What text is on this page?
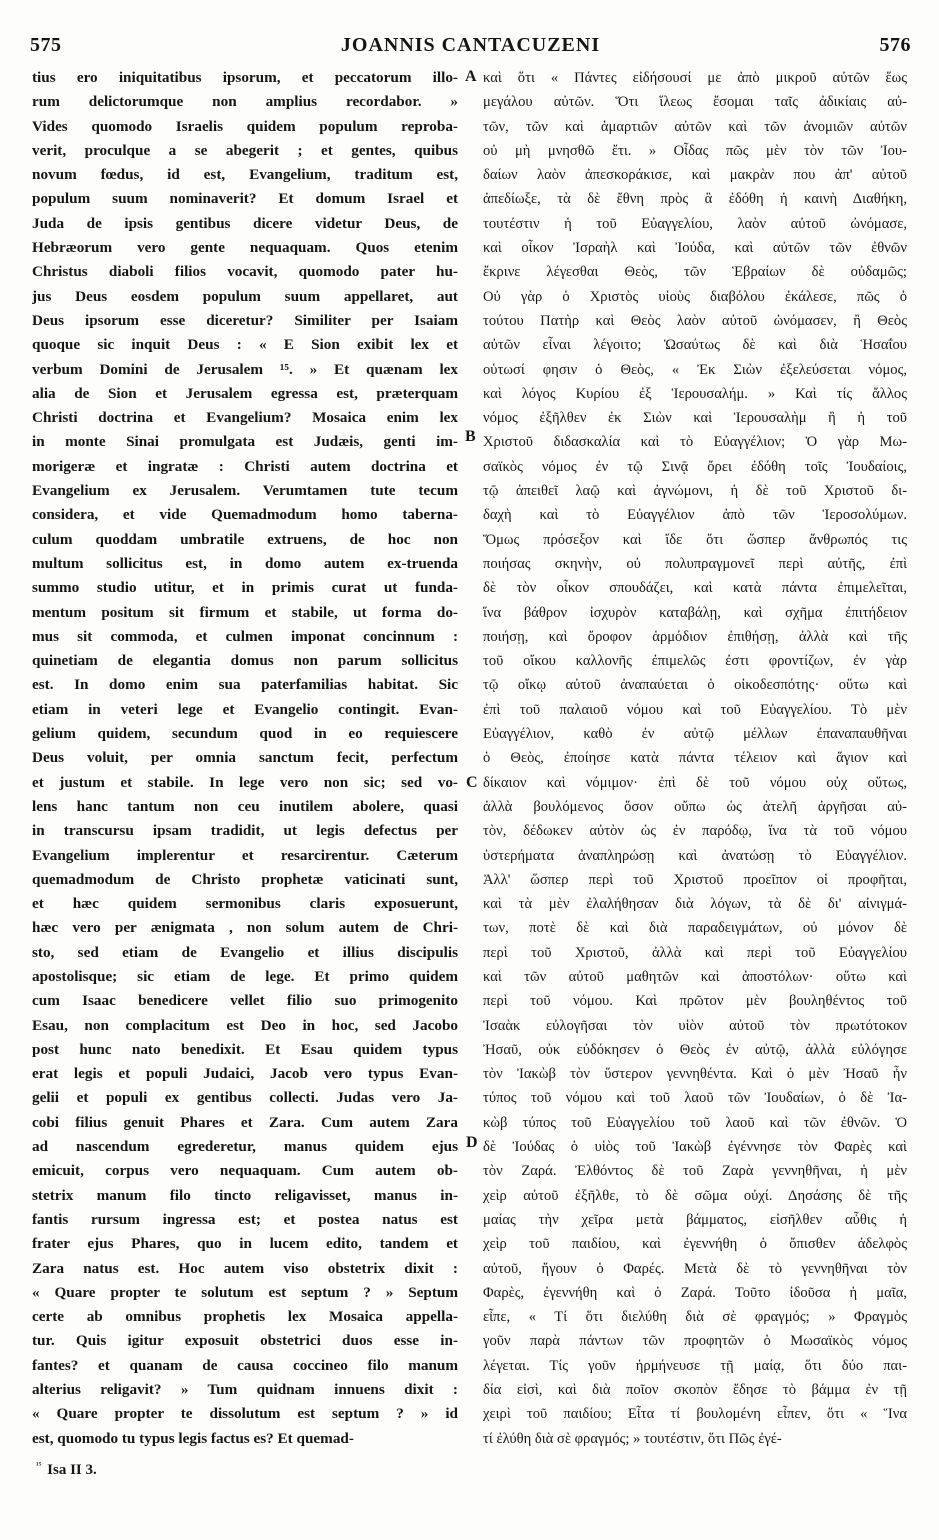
575	JOANNIS CANTACUZENI	576
tius ero iniquitatibus ipsorum, et peccatorum illo-
rum delictorumque non amplius recordabor. »
Vides quomodo Israelis quidem populum reproba-
verit, proculque a se abegerit ; et gentes, quibus
novum fœdus, id est, Evangelium, traditum est,
populum suum nominaverit? Et domum Israel et
Juda de ipsis gentibus dicere videtur Deus, de
Hebræorum vero gente nequaquam. Quos etenim
Christus diaboli filios vocavit, quomodo pater hu-
jus Deus eosdem populum suum appellaret, aut
Deus ipsorum esse diceretur? Similiter per Isaiam
quoque sic inquit Deus : « E Sion exibit lex et
verbum Domini de Jerusalem ¹⁵. » Et quænam lex
alia de Sion et Jerusalem egressa est, præterquam
Christi doctrina et Evangelium? Mosaica enim lex
in monte Sinai promulgata est Judæis, genti im-
morigeræ et ingratæ : Christi autem doctrina et
Evangelium ex Jerusalem. Verumtamen tute tecum
considera, et vide Quemadmodum homo taberna-
culum quoddam umbratile extruens, de hoc non
multum sollicitus est, in domo autem ex-truenda
summo studio utitur, et in primis curat ut funda-
mentum positum sit firmum et stabile, ut forma do-
mus sit commoda, et culmen imponat concinnum :
quinetiam de elegantia domus non parum sollicitus
est. In domo enim sua paterfamilias habitat. Sic
etiam in veteri lege et Evangelio contingit. Evan-
gelium quidem, secundum quod in eo requiescere
Deus voluit, per omnia sanctum fecit, perfectum
et justum et stabile. In lege vero non sic; sed vo-
lens hanc tantum non ceu inutilem abolere, quasi
in transcursu ipsam tradidit, ut legis defectus per
Evangelium implerentur et resarcirentur. Cæterum
quemadmodum de Christo prophetæ vaticinati sunt,
et hæc quidem sermonibus claris exposuerunt,
hæc vero per ænigmata , non solum autem de Chri-
sto, sed etiam de Evangelio et illius discipulis
apostolisque; sic etiam de lege. Et primo quidem
cum Isaac benedicere vellet filio suo primogenito
Esau, non complacitum est Deo in hoc, sed Jacobo
post hunc nato benedixit. Et Esau quidem typus
erat legis et populi Judaici, Jacob vero typus Evan-
gelii et populi ex gentibus collecti. Judas vero Ja-
cobi filius genuit Phares et Zara. Cum autem Zara
ad nascendum egrederetur, manus quidem ejus
emicuit, corpus vero nequaquam. Cum autem ob-
stetrix manum filo tincto religavisset, manus in-
fantis rursum ingressa est; et postea natus est
frater ejus Phares, quo in lucem edito, tandem et
Zara natus est. Hoc autem viso obstetrix dixit :
« Quare propter te solutum est septum ? » Septum
certe ab omnibus prophetis lex Mosaica appella-
tur. Quis igitur exposuit obstetrici duos esse in-
fantes? et quanam de causa coccineo filo manum
alterius religavit? » Tum quidnam innuens dixit :
« Quare propter te dissolutum est septum ? » id
est, quomodo tu typus legis factus es? Et quemad-
A
B
C
D
καὶ ὅτι « Πάντες εἰδήσουσί με ἀπὸ μικροῦ αὐτῶν ἕως
μεγάλου αὐτῶν. Ὅτι ἵλεως ἔσομαι ταῖς ἀδικίαις αὐ-
τῶν, τῶν καὶ ἁμαρτιῶν αὐτῶν καὶ τῶν ἀνομιῶν αὐτῶν
οὐ μὴ μνησθῶ ἔτι. » Οἶδας πῶς μὲν τὸν τῶν Ἰου-
δαίων λαὸν ἀπεσκοράκισε, καὶ μακρὰν που ἀπ' αὐτοῦ
ἀπεδίωξε, τὰ δὲ ἔθνη πρὸς ἃ ἐδόθη ἡ καινὴ Διαθήκη,
τουτέστιν ἡ τοῦ Εὐαγγελίου, λαὸν αὐτοῦ ὠνόμασε,
καὶ οἶκον Ἰσραὴλ καὶ Ἰούδα, καὶ αὐτῶν τῶν ἐθνῶν
ἔκρινε λέγεσθαι Θεὸς, τῶν Ἑβραίων δὲ οὐδαμῶς;
Οὐ γὰρ ὁ Χριστὸς υἱοὺς διαβόλου ἐκάλεσε, πῶς ὁ
τούτου Πατὴρ καὶ Θεὸς λαὸν αὐτοῦ ὠνόμασεν, ἢ Θεὸς
αὐτῶν εἶναι λέγοιτο; Ὡσαύτως δὲ καὶ διὰ Ἡσαΐου
οὑτωσί φησιν ὁ Θεὸς, « Ἐκ Σιὼν ἐξελεύσεται νόμος,
καὶ λόγος Κυρίου ἐξ Ἱερουσαλήμ. » Καὶ τίς ἄλλος
νόμος ἐξῆλθεν ἐκ Σιὼν καὶ Ἱερουσαλὴμ ἢ ἡ τοῦ
Χριστοῦ διδασκαλία καὶ τὸ Εὐαγγέλιον; Ὁ γὰρ Μω-
σαϊκὸς νόμος ἐν τῷ Σινᾷ ὄρει ἐδόθη τοῖς Ἰουδαίοις,
τῷ ἀπειθεῖ λαῷ καὶ ἀγνώμονι, ἡ δὲ τοῦ Χριστοῦ δι-
δαχὴ καὶ τὸ Εὐαγγέλιον ἀπὸ τῶν Ἱεροσολύμων.
Ὅμως πρόσεξον καὶ ἴδε ὅτι ὥσπερ ἄνθρωπός τις
ποιήσας σκηνὴν, οὐ πολυπραγμονεῖ περὶ αὐτῆς, ἐπὶ
δὲ τὸν οἶκον σπουδάζει, καὶ κατὰ πάντα ἐπιμελεῖται,
ἵνα βάθρον ἰσχυρὸν καταβάλῃ, καὶ σχῆμα ἐπιτήδειον
ποιήσῃ, καὶ ὄροφον ἁρμόδιον ἐπιθήσῃ, ἀλλὰ καὶ τῆς
τοῦ οἴκου καλλονῆς ἐπιμελῶς ἐστι φροντίζων, ἐν γὰρ
τῷ οἴκῳ αὐτοῦ ἀναπαύεται ὁ οἰκοδεσπότης· οὕτω καὶ
ἐπὶ τοῦ παλαιοῦ νόμου καὶ τοῦ Εὐαγγελίου. Τὸ μὲν
Εὐαγγέλιον, καθὸ ἐν αὐτῷ μέλλων ἐπαναπαυθῆναι
ὁ Θεὸς, ἐποίησε κατὰ πάντα τέλειον καὶ ἅγιον καὶ
δίκαιον καὶ νόμιμον· ἐπὶ δὲ τοῦ νόμου οὐχ οὕτως,
ἀλλὰ βουλόμενος ὅσον οὔπω ὡς ἀτελῆ ἀργῆσαι αὐ-
τὸν, δέδωκεν αὐτὸν ὡς ἐν παρόδῳ, ἵνα τὰ τοῦ νόμου
ὑστερήματα ἀναπληρώσῃ καὶ ἀνατώσῃ τὸ Εὐαγγέλιον.
Ἀλλ' ὥσπερ περὶ τοῦ Χριστοῦ προεῖπον οἱ προφῆται,
καὶ τὰ μὲν ἐλαλήθησαν διὰ λόγων, τὰ δὲ δι' αἰνιγμά-
των, ποτὲ δὲ καὶ διὰ παραδειγμάτων, οὐ μόνον δὲ
περὶ τοῦ Χριστοῦ, ἀλλὰ καὶ περὶ τοῦ Εὐαγγελίου
καὶ τῶν αὐτοῦ μαθητῶν καὶ ἀποστόλων· οὕτω καὶ
περὶ τοῦ νόμου. Καὶ πρῶτον μὲν βουληθέντος τοῦ
Ἰσαὰκ εὐλογῆσαι τὸν υἱὸν αὐτοῦ τὸν πρωτότοκον
Ἠσαῦ, οὐκ εὐδόκησεν ὁ Θεὸς ἐν αὐτῷ, ἀλλὰ εὐλόγησε
τὸν Ἰακὼβ τὸν ὕστερον γεννηθέντα. Καὶ ὁ μὲν Ἠσαῦ ἦν
τύπος τοῦ νόμου καὶ τοῦ λαοῦ τῶν Ἰουδαίων, ὁ δὲ Ἰα-
κὼβ τύπος τοῦ Εὐαγγελίου τοῦ λαοῦ καὶ τῶν ἐθνῶν. Ὁ
δὲ Ἰούδας ὁ υἱὸς τοῦ Ἰακὼβ ἐγέννησε τὸν Φαρὲς καὶ
τὸν Ζαρά. Ἐλθόντος δὲ τοῦ Ζαρὰ γεννηθῆναι, ἡ μὲν
χεὶρ αὐτοῦ ἐξῆλθε, τὸ δὲ σῶμα οὐχί. Δησάσης δὲ τῆς
μαίας τὴν χεῖρα μετὰ βάμματος, εἰσῆλθεν αὖθις ἡ
χεὶρ τοῦ παιδίου, καὶ ἐγεννήθη ὁ ὄπισθεν ἀδελφὸς
αὐτοῦ, ἤγουν ὁ Φαρές. Μετὰ δὲ τὸ γεννηθῆναι τὸν
Φαρὲς, ἐγεννήθη καὶ ὁ Ζαρά. Τοῦτο ἰδοῦσα ἡ μαῖα,
εἶπε, « Τί ὅτι διελύθη διὰ σὲ φραγμός; » Φραγμὸς
γοῦν παρὰ πάντων τῶν προφητῶν ὁ Μωσαϊκὸς νόμος
λέγεται. Τίς γοῦν ἡρμήνευσε τῇ μαίᾳ, ὅτι δύο παι-
δία εἰσὶ, καὶ διὰ ποῖον σκοπὸν ἔδησε τὸ βάμμα ἐν τῇ
χειρὶ τοῦ παιδίου; Εἶτα τί βουλομένη εἶπεν, ὅτι « Ἵνα
τί ἐλύθη διὰ σὲ φραγμός; » τουτέστιν, ὅτι Πῶς ἐγέ-
$^{^{15}}$ Isa II 3.
